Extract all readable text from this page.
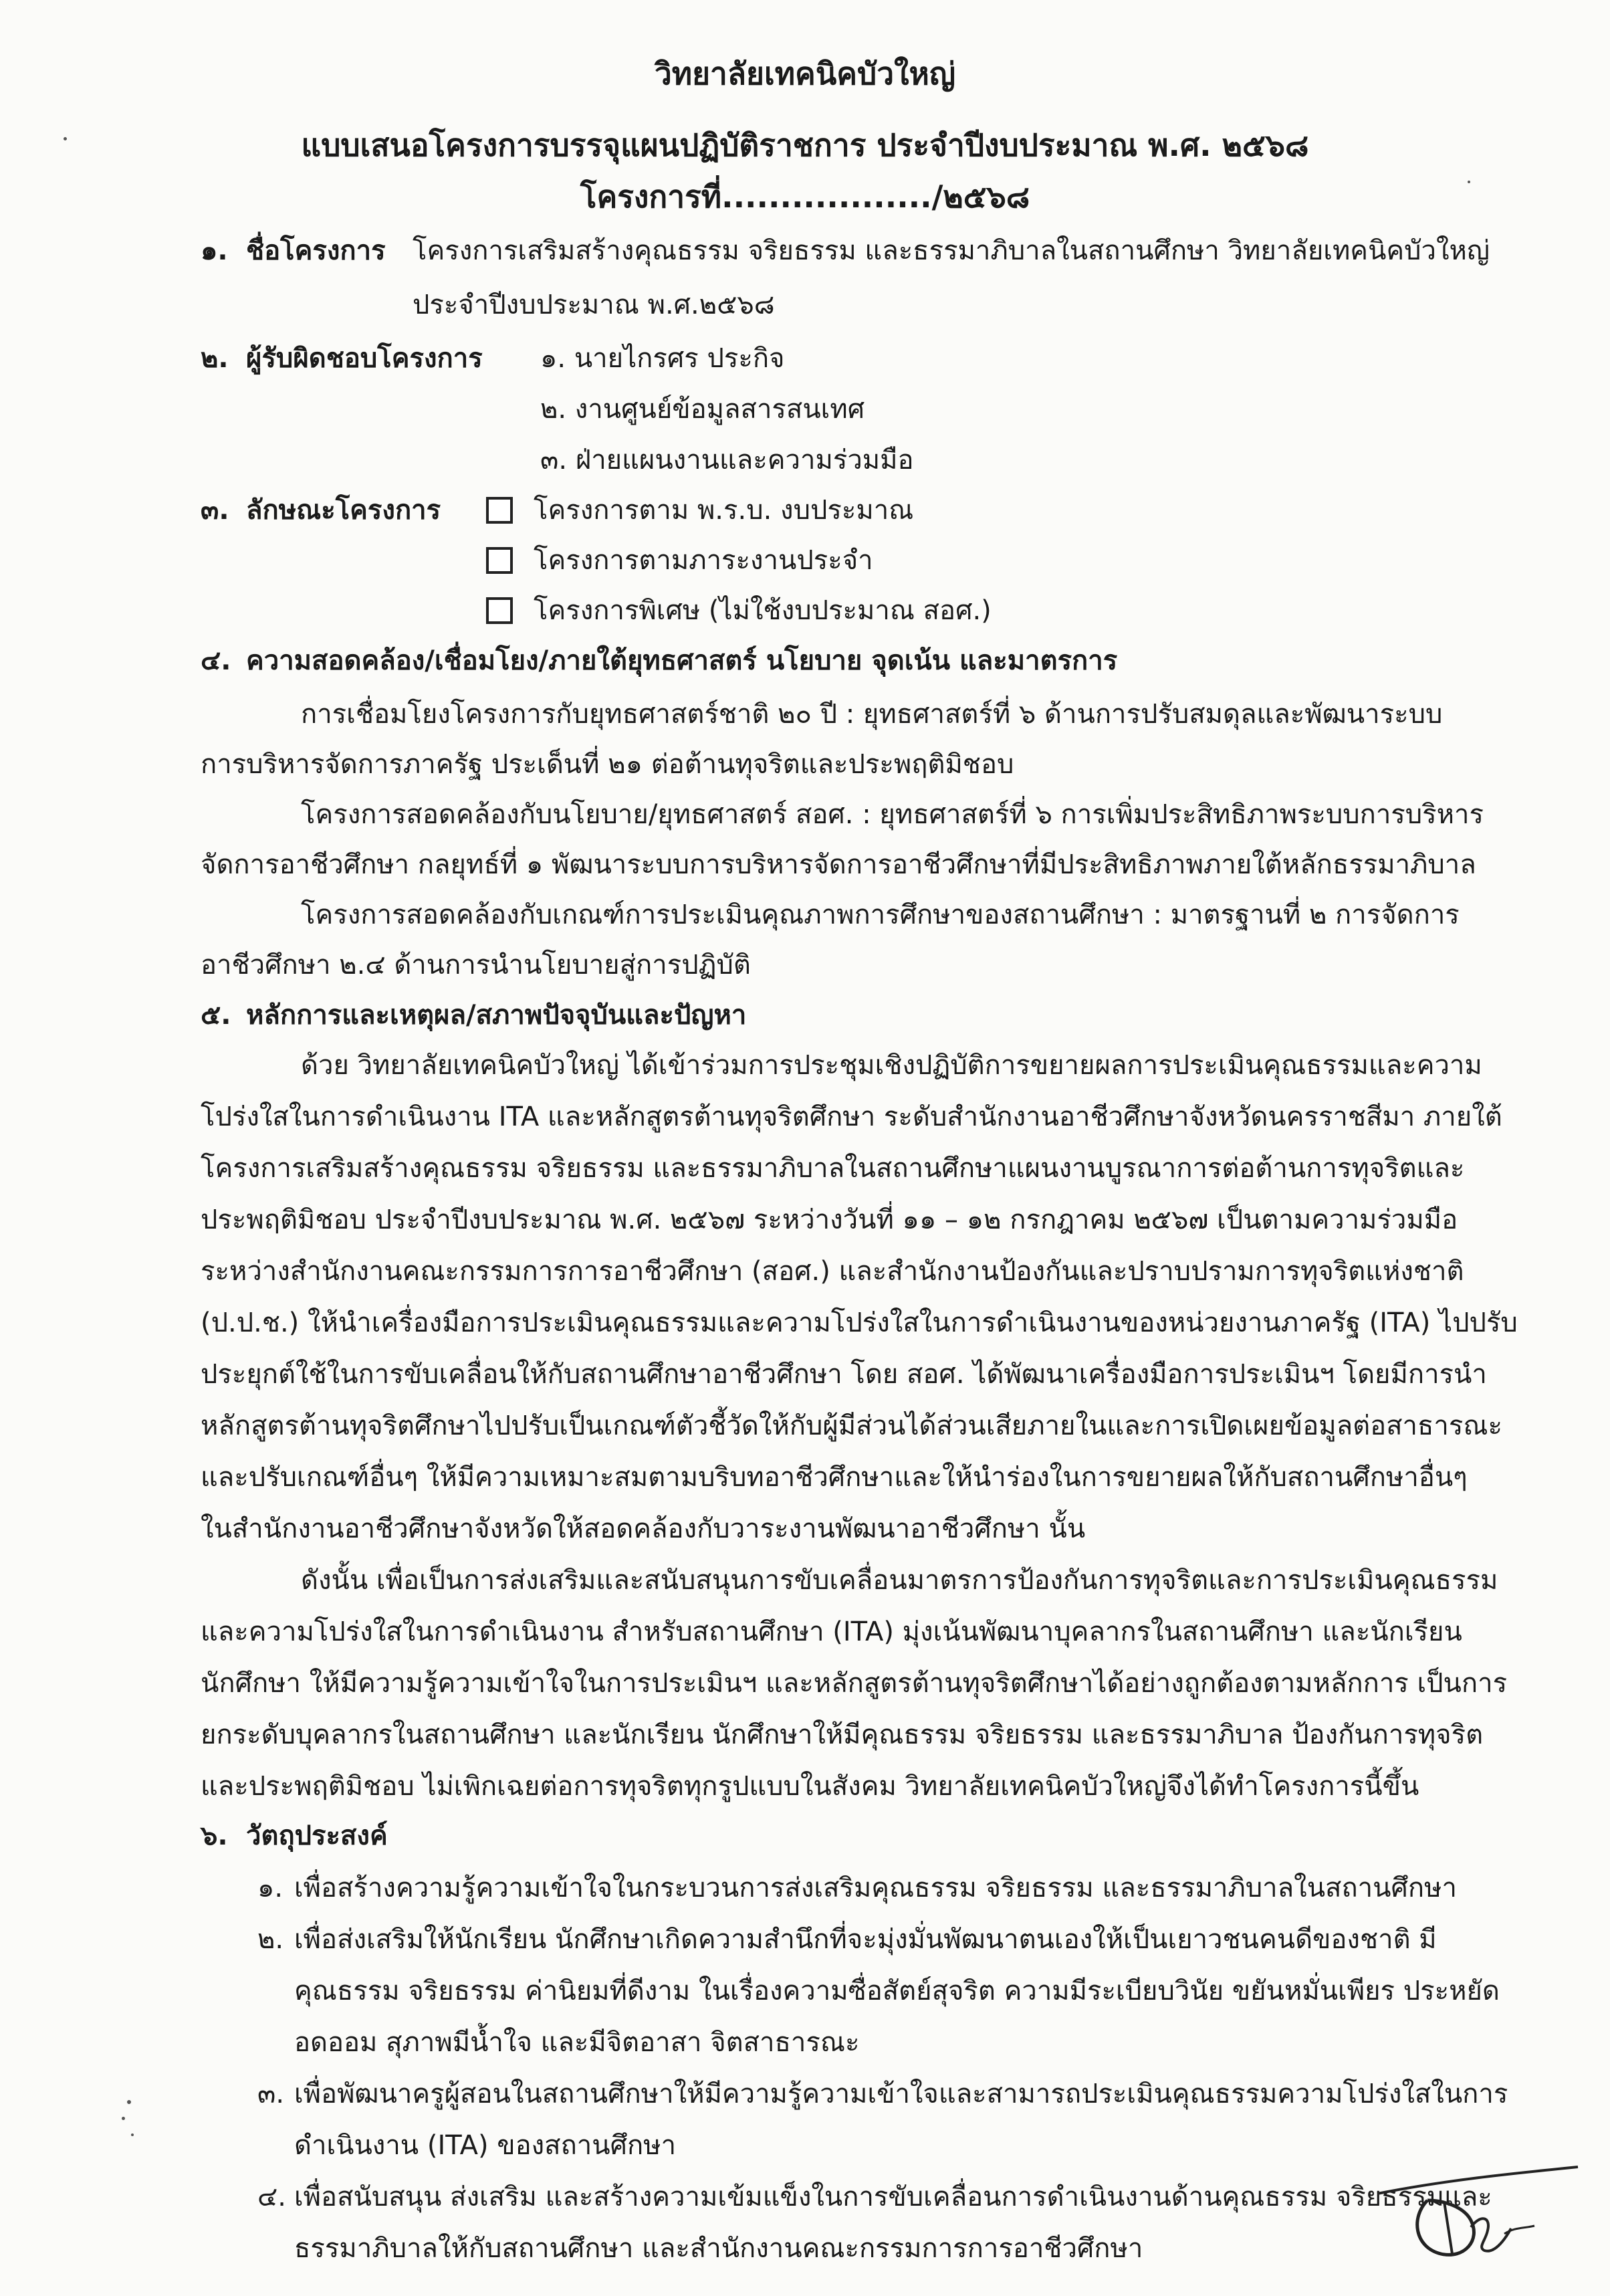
วิทยาลัยเทคนิคบัวใหญ่
แบบเสนอโครงการบรรจุแผนปฏิบัติราชการ ประจำปีงบประมาณ พ.ศ. ๒๕๖๘
โครงการที่................../๒๕๖๘
๑. ชื่อโครงการ โครงการเสริมสร้างคุณธรรม จริยธรรม และธรรมาภิบาลในสถานศึกษา วิทยาลัยเทคนิคบัวใหญ่
ประจำปีงบประมาณ พ.ศ.๒๕๖๘
๒. ผู้รับผิดชอบโครงการ ๑. นายไกรศร ประกิจ
๒. งานศูนย์ข้อมูลสารสนเทศ
๓. ฝ่ายแผนงานและความร่วมมือ
๓. ลักษณะโครงการ	โครงการตาม พ.ร.บ. งบประมาณ
โครงการตามภาระงานประจำ
โครงการพิเศษ (ไม่ใช้งบประมาณ สอศ.)
๔. ความสอดคล้อง/เชื่อมโยง/ภายใต้ยุทธศาสตร์ นโยบาย จุดเน้น และมาตรการ
การเชื่อมโยงโครงการกับยุทธศาสตร์ชาติ ๒๐ ปี : ยุทธศาสตร์ที่ ๖ ด้านการปรับสมดุลและพัฒนาระบบ
การบริหารจัดการภาครัฐ ประเด็นที่ ๒๑ ต่อต้านทุจริตและประพฤติมิชอบ
โครงการสอดคล้องกับนโยบาย/ยุทธศาสตร์ สอศ. : ยุทธศาสตร์ที่ ๖ การเพิ่มประสิทธิภาพระบบการบริหาร
จัดการอาชีวศึกษา กลยุทธ์ที่ ๑ พัฒนาระบบการบริหารจัดการอาชีวศึกษาที่มีประสิทธิภาพภายใต้หลักธรรมาภิบาล
โครงการสอดคล้องกับเกณฑ์การประเมินคุณภาพการศึกษาของสถานศึกษา : มาตรฐานที่ ๒ การจัดการ
อาชีวศึกษา ๒.๔ ด้านการนำนโยบายสู่การปฏิบัติ
๕. หลักการและเหตุผล/สภาพปัจจุบันและปัญหา
ด้วย วิทยาลัยเทคนิคบัวใหญ่ ได้เข้าร่วมการประชุมเชิงปฏิบัติการขยายผลการประเมินคุณธรรมและความ
โปร่งใสในการดำเนินงาน ITA และหลักสูตรต้านทุจริตศึกษา ระดับสำนักงานอาชีวศึกษาจังหวัดนครราชสีมา ภายใต้
โครงการเสริมสร้างคุณธรรม จริยธรรม และธรรมาภิบาลในสถานศึกษาแผนงานบูรณาการต่อต้านการทุจริตและ
ประพฤติมิชอบ ประจำปีงบประมาณ พ.ศ. ๒๕๖๗ ระหว่างวันที่ ๑๑ – ๑๒ กรกฎาคม ๒๕๖๗ เป็นตามความร่วมมือ
ระหว่างสำนักงานคณะกรรมการการอาชีวศึกษา (สอศ.) และสำนักงานป้องกันและปราบปรามการทุจริตแห่งชาติ
(ป.ป.ช.) ให้นำเครื่องมือการประเมินคุณธรรมและความโปร่งใสในการดำเนินงานของหน่วยงานภาครัฐ (ITA) ไปปรับ
ประยุกต์ใช้ในการขับเคลื่อนให้กับสถานศึกษาอาชีวศึกษา โดย สอศ. ได้พัฒนาเครื่องมือการประเมินฯ โดยมีการนำ
หลักสูตรต้านทุจริตศึกษาไปปรับเป็นเกณฑ์ตัวชี้วัดให้กับผู้มีส่วนได้ส่วนเสียภายในและการเปิดเผยข้อมูลต่อสาธารณะ
และปรับเกณฑ์อื่นๆ ให้มีความเหมาะสมตามบริบทอาชีวศึกษาและให้นำร่องในการขยายผลให้กับสถานศึกษาอื่นๆ
ในสำนักงานอาชีวศึกษาจังหวัดให้สอดคล้องกับวาระงานพัฒนาอาชีวศึกษา นั้น
ดังนั้น เพื่อเป็นการส่งเสริมและสนับสนุนการขับเคลื่อนมาตรการป้องกันการทุจริตและการประเมินคุณธรรม
และความโปร่งใสในการดำเนินงาน สำหรับสถานศึกษา (ITA) มุ่งเน้นพัฒนาบุคลากรในสถานศึกษา และนักเรียน
นักศึกษา ให้มีความรู้ความเข้าใจในการประเมินฯ และหลักสูตรต้านทุจริตศึกษาได้อย่างถูกต้องตามหลักการ เป็นการ
ยกระดับบุคลากรในสถานศึกษา และนักเรียน นักศึกษาให้มีคุณธรรม จริยธรรม และธรรมาภิบาล ป้องกันการทุจริต
และประพฤติมิชอบ ไม่เพิกเฉยต่อการทุจริตทุกรูปแบบในสังคม วิทยาลัยเทคนิคบัวใหญ่จึงได้ทำโครงการนี้ขึ้น
๖. วัตถุประสงค์
๑. เพื่อสร้างความรู้ความเข้าใจในกระบวนการส่งเสริมคุณธรรม จริยธรรม และธรรมาภิบาลในสถานศึกษา
๒. เพื่อส่งเสริมให้นักเรียน นักศึกษาเกิดความสำนึกที่จะมุ่งมั่นพัฒนาตนเองให้เป็นเยาวชนคนดีของชาติ มี
คุณธรรม จริยธรรม ค่านิยมที่ดีงาม ในเรื่องความซื่อสัตย์สุจริต ความมีระเบียบวินัย ขยันหมั่นเพียร ประหยัด
อดออม สุภาพมีน้ำใจ และมีจิตอาสา จิตสาธารณะ
๓. เพื่อพัฒนาครูผู้สอนในสถานศึกษาให้มีความรู้ความเข้าใจและสามารถประเมินคุณธรรมความโปร่งใสในการ
ดำเนินงาน (ITA) ของสถานศึกษา
๔. เพื่อสนับสนุน ส่งเสริม และสร้างความเข้มแข็งในการขับเคลื่อนการดำเนินงานด้านคุณธรรม จริยธรรมและ
ธรรมาภิบาลให้กับสถานศึกษา และสำนักงานคณะกรรมการการอาชีวศึกษา
